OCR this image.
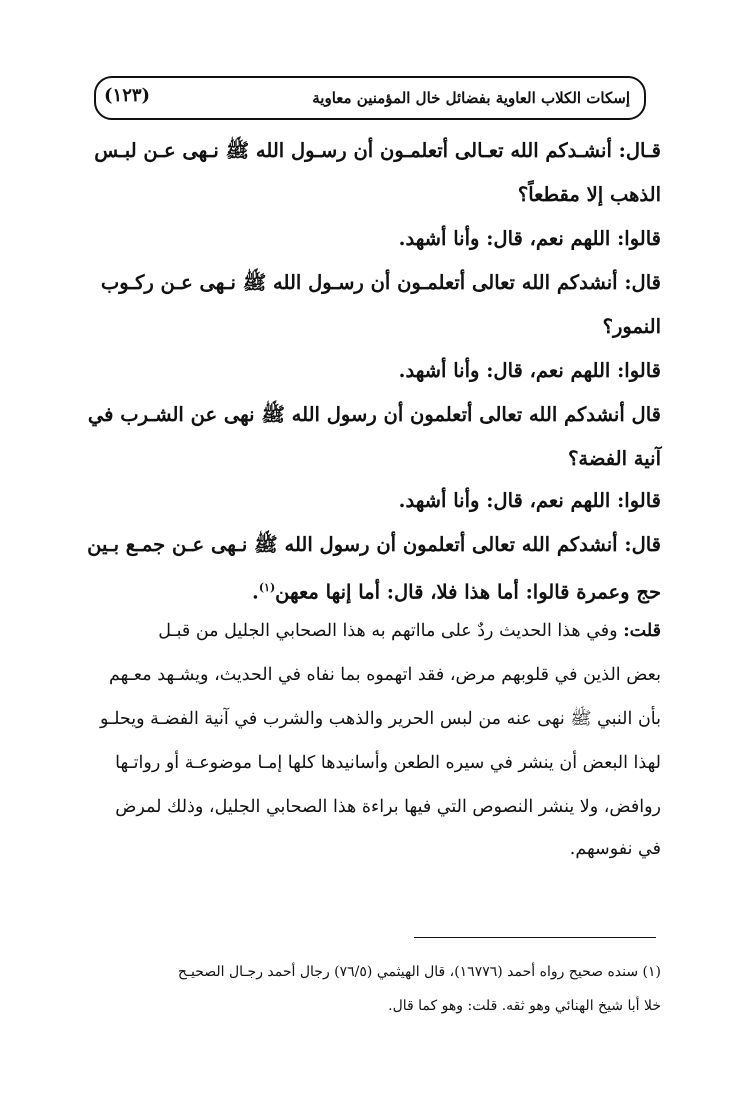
إسكات الكلاب العاوية بفضائل خال المؤمنين معاوية
(١٢٣)
قـال: أنشـدكم الله تعـالى أتعلمـون أن رسـول الله ﷺ نـهى عـن لبـس
الذهب إلا مقطعاً؟
قالوا: اللهم نعم، قال: وأنا أشهد.
قال: أنشدكم الله تعالى أتعلمـون أن رسـول الله ﷺ نـهى عـن ركـوب
النمور؟
قالوا: اللهم نعم، قال: وأنا أشهد.
قال أنشدكم الله تعالى أتعلمون أن رسول الله ﷺ نهى عن الشـرب في
آنية الفضة؟
قالوا: اللهم نعم، قال: وأنا أشهد.
قال: أنشدكم الله تعالى أتعلمون أن رسول الله ﷺ نـهى عـن جمـع بـين
حج وعمرة قالوا: أما هذا فلا، قال: أما إنها معهن$^{(١)}$.
قلت: وفي هذا الحديث ردٌ على مااتهم به هذا الصحابي الجليل من قبـل
بعض الذين في قلوبهم مرض، فقد اتهموه بما نفاه في الحديث، ويشـهد معـهم
بأن النبي ﷺ نهى عنه من لبس الحرير والذهب والشرب في آنية الفضـة ويحلـو
لهذا البعض أن ينشر في سيره الطعن وأسانيدها كلها إمـا موضوعـة أو رواتـها
روافض، ولا ينشر النصوص التي فيها براءة هذا الصحابي الجليل، وذلك لمرض
في نفوسهم.
(١) سنده صحيح رواه أحمد (١٦٧٧٦)، قال الهيثمي (٧٦/٥) رجال أحمد رجـال الصحيـح
خلا أبا شيخ الهنائي وهو ثقه. قلت: وهو كما قال.
